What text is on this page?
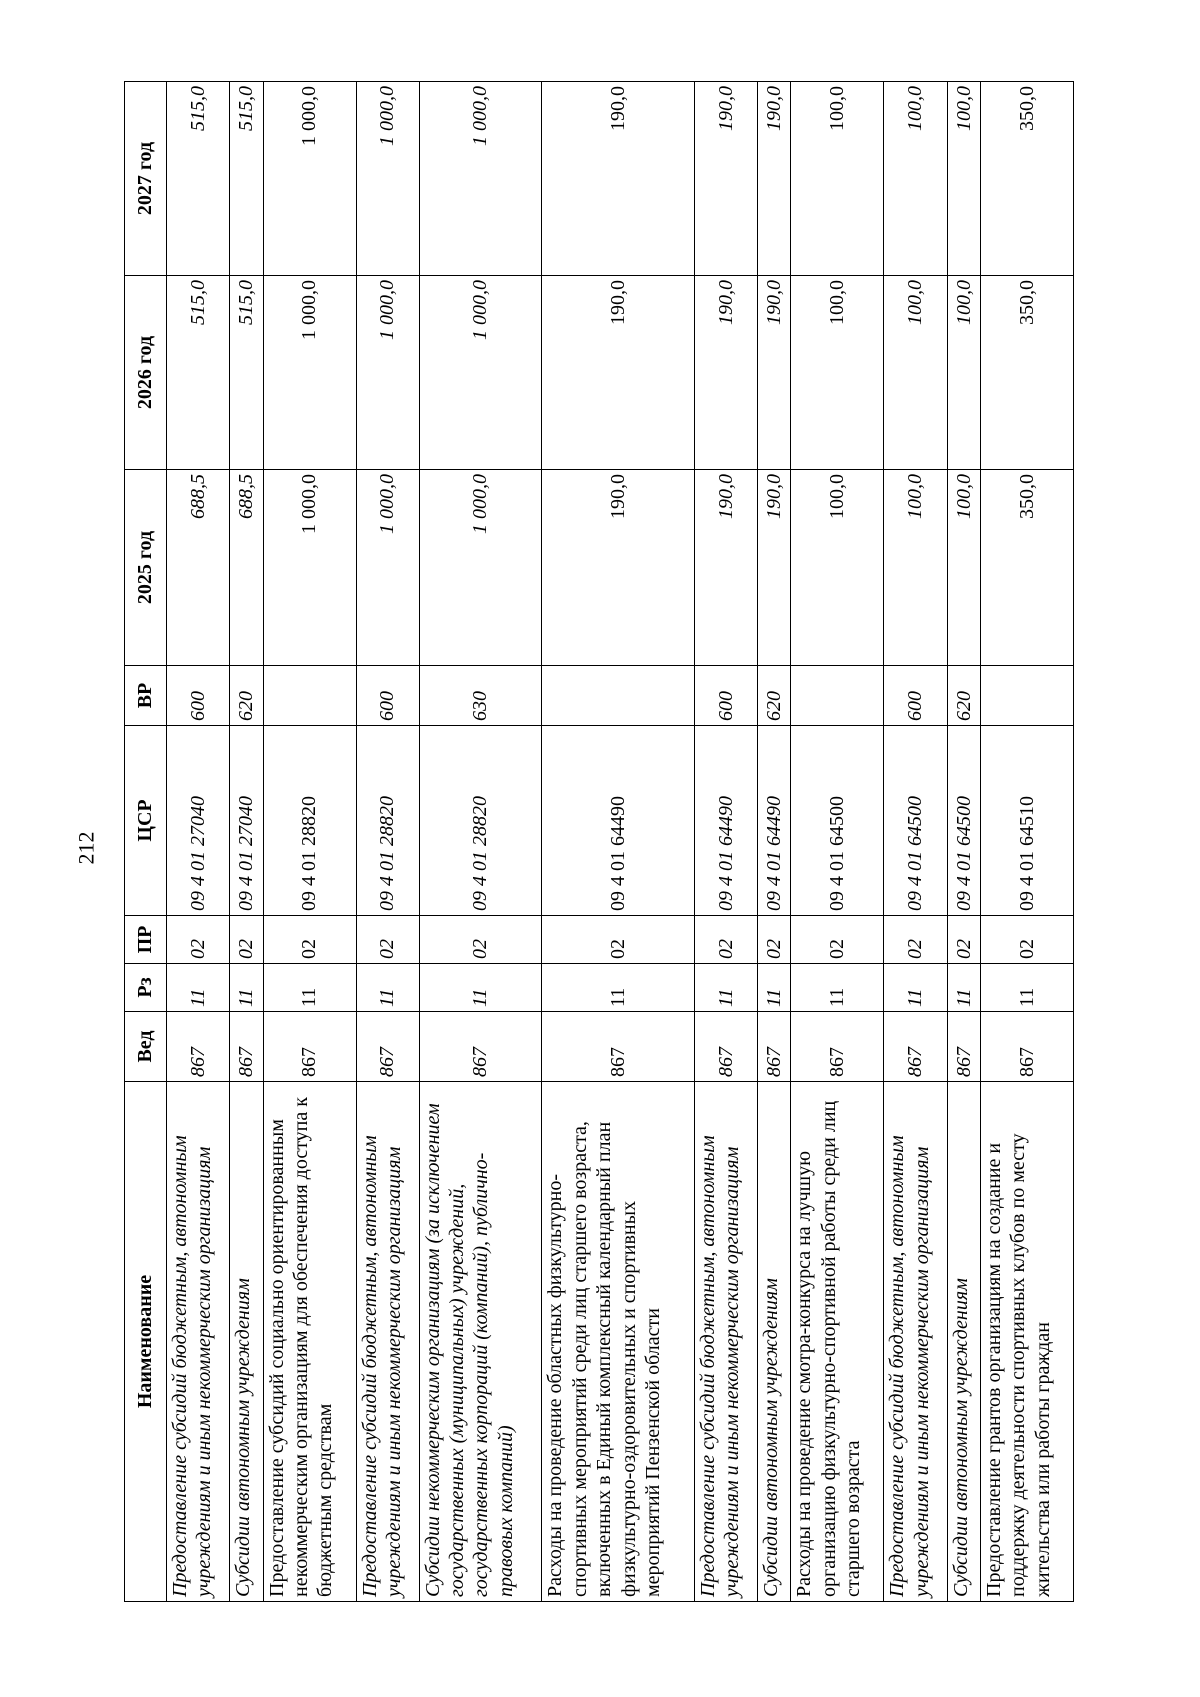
212
Наименование	Вед	Рз	ПР	ЦСР	ВР	2025 год	2026 год	2027 год
Предоставление субсидий бюджетным, автономным учреждениям и иным некоммерческим организациям	867	11	02	09 4 01 27040	600	688,5	515,0	515,0
Субсидии автономным учреждениям	867	11	02	09 4 01 27040	620	688,5	515,0	515,0
Предоставление субсидий социально ориентированным некоммерческим организациям для обеспечения доступа к бюджетным средствам	867	11	02	09 4 01 28820		1 000,0	1 000,0	1 000,0
Предоставление субсидий бюджетным, автономным учреждениям и иным некоммерческим организациям	867	11	02	09 4 01 28820	600	1 000,0	1 000,0	1 000,0
Субсидии некоммерческим организациям (за исключением государственных (муниципальных) учреждений, государственных корпораций (компаний), публично-правовых компаний)	867	11	02	09 4 01 28820	630	1 000,0	1 000,0	1 000,0
Расходы на проведение областных физкультурно-спортивных мероприятий среди лиц старшего возраста, включенных в Единый комплексный календарный план физкультурно-оздоровительных и спортивных мероприятий Пензенской области	867	11	02	09 4 01 64490		190,0	190,0	190,0
Предоставление субсидий бюджетным, автономным учреждениям и иным некоммерческим организациям	867	11	02	09 4 01 64490	600	190,0	190,0	190,0
Субсидии автономным учреждениям	867	11	02	09 4 01 64490	620	190,0	190,0	190,0
Расходы на проведение смотра-конкурса на лучшую организацию физкультурно-спортивной работы среди лиц старшего возраста	867	11	02	09 4 01 64500		100,0	100,0	100,0
Предоставление субсидий бюджетным, автономным учреждениям и иным некоммерческим организациям	867	11	02	09 4 01 64500	600	100,0	100,0	100,0
Субсидии автономным учреждениям	867	11	02	09 4 01 64500	620	100,0	100,0	100,0
Предоставление грантов организациям на создание и поддержку деятельности спортивных клубов по месту жительства или работы граждан	867	11	02	09 4 01 64510		350,0	350,0	350,0
